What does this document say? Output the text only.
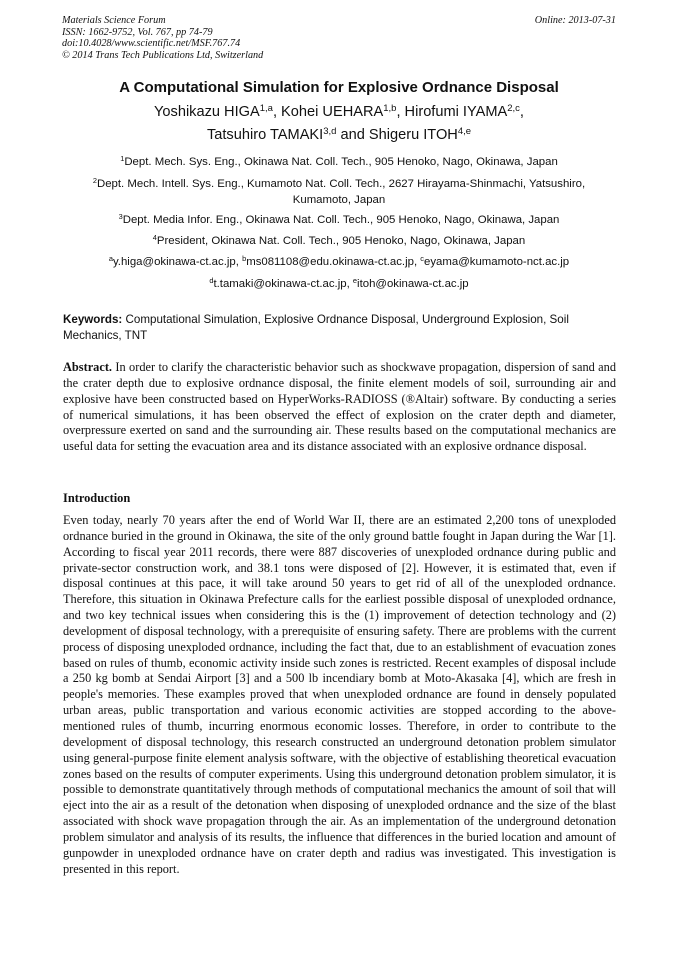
Materials Science Forum
ISSN: 1662-9752, Vol. 767, pp 74-79
doi:10.4028/www.scientific.net/MSF.767.74
© 2014 Trans Tech Publications Ltd, Switzerland
Online: 2013-07-31
A Computational Simulation for Explosive Ordnance Disposal
Yoshikazu HIGA$^{1,a}$, Kohei UEHARA$^{1,b}$, Hirofumi IYAMA$^{2,c}$,
Tatsuhiro TAMAKI$^{3,d}$ and Shigeru ITOH$^{4,e}$
$^1$Dept. Mech. Sys. Eng., Okinawa Nat. Coll. Tech., 905 Henoko, Nago, Okinawa, Japan
$^2$Dept. Mech. Intell. Sys. Eng., Kumamoto Nat. Coll. Tech., 2627 Hirayama-Shinmachi, Yatsushiro,
Kumamoto, Japan
$^3$Dept. Media Infor. Eng., Okinawa Nat. Coll. Tech., 905 Henoko, Nago, Okinawa, Japan
$^4$President, Okinawa Nat. Coll. Tech., 905 Henoko, Nago, Okinawa, Japan
$^a$y.higa@okinawa-ct.ac.jp, $^b$ms081108@edu.okinawa-ct.ac.jp, $^c$eyama@kumamoto-nct.ac.jp
$^d$t.tamaki@okinawa-ct.ac.jp, $^e$itoh@okinawa-ct.ac.jp
Keywords: Computational Simulation, Explosive Ordnance Disposal, Underground Explosion, Soil Mechanics, TNT
Abstract. In order to clarify the characteristic behavior such as shockwave propagation, dispersion of sand and the crater depth due to explosive ordnance disposal, the finite element models of soil, surrounding air and explosive have been constructed based on HyperWorks-RADIOSS (®Altair) software. By conducting a series of numerical simulations, it has been observed the effect of explosion on the crater depth and diameter, overpressure exerted on sand and the surrounding air. These results based on the computational mechanics are useful data for setting the evacuation area and its distance associated with an explosive ordnance disposal.
Introduction
Even today, nearly 70 years after the end of World War II, there are an estimated 2,200 tons of unexploded ordnance buried in the ground in Okinawa, the site of the only ground battle fought in Japan during the War [1]. According to fiscal year 2011 records, there were 887 discoveries of unexploded ordnance during public and private-sector construction work, and 38.1 tons were disposed of [2]. However, it is estimated that, even if disposal continues at this pace, it will take around 50 years to get rid of all of the unexploded ordnance. Therefore, this situation in Okinawa Prefecture calls for the earliest possible disposal of unexploded ordnance, and two key technical issues when considering this is the (1) improvement of detection technology and (2) development of disposal technology, with a prerequisite of ensuring safety. There are problems with the current process of disposing unexploded ordnance, including the fact that, due to an establishment of evacuation zones based on rules of thumb, economic activity inside such zones is restricted. Recent examples of disposal include a 250 kg bomb at Sendai Airport [3] and a 500 lb incendiary bomb at Moto-Akasaka [4], which are fresh in people's memories. These examples proved that when unexploded ordnance are found in densely populated urban areas, public transportation and various economic activities are stopped according to the above-mentioned rules of thumb, incurring enormous economic losses. Therefore, in order to contribute to the development of disposal technology, this research constructed an underground detonation problem simulator using general-purpose finite element analysis software, with the objective of establishing theoretical evacuation zones based on the results of computer experiments. Using this underground detonation problem simulator, it is possible to demonstrate quantitatively through methods of computational mechanics the amount of soil that will eject into the air as a result of the detonation when disposing of unexploded ordnance and the size of the blast associated with shock wave propagation through the air. As an implementation of the underground detonation problem simulator and analysis of its results, the influence that differences in the buried location and amount of gunpowder in unexploded ordnance have on crater depth and radius was investigated. This investigation is presented in this report.
